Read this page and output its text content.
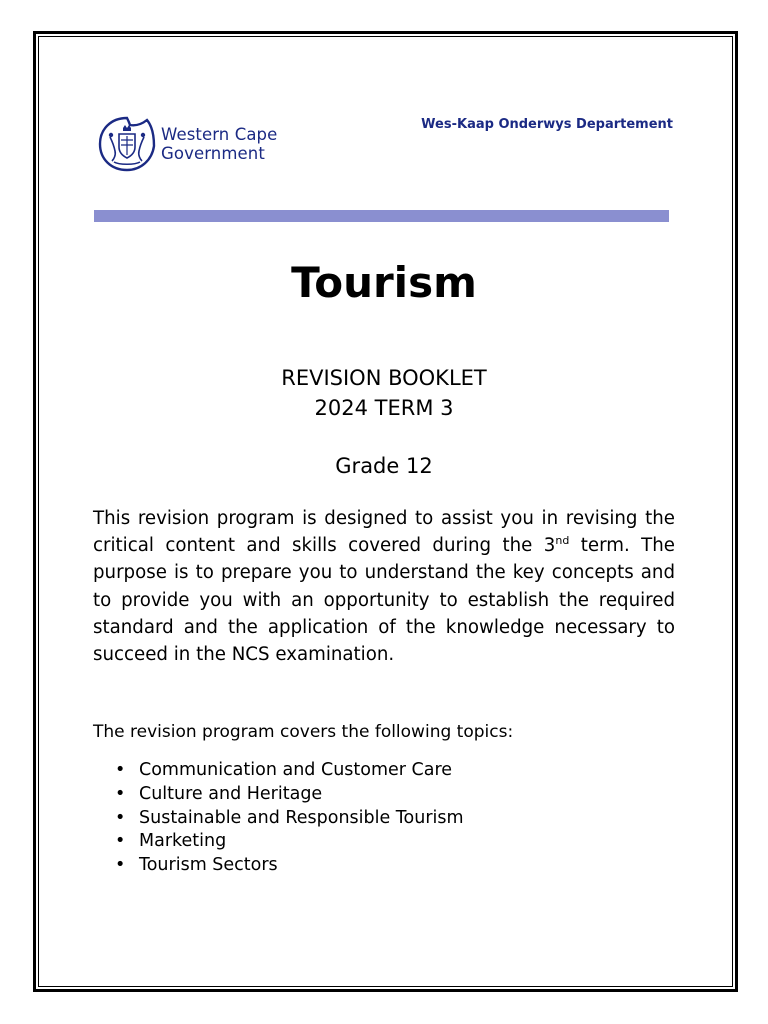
Western Cape
Government
Wes-Kaap Onderwys Departement
Tourism
REVISION BOOKLET
2024 TERM 3
Grade 12
This revision program is designed to assist you in revising the critical content and skills covered during the 3nd term. The purpose is to prepare you to understand the key concepts and to provide you with an opportunity to establish the required standard and the application of the knowledge necessary to succeed in the NCS examination.
The revision program covers the following topics:
• Communication and Customer Care
• Culture and Heritage
• Sustainable and Responsible Tourism
• Marketing
• Tourism Sectors
